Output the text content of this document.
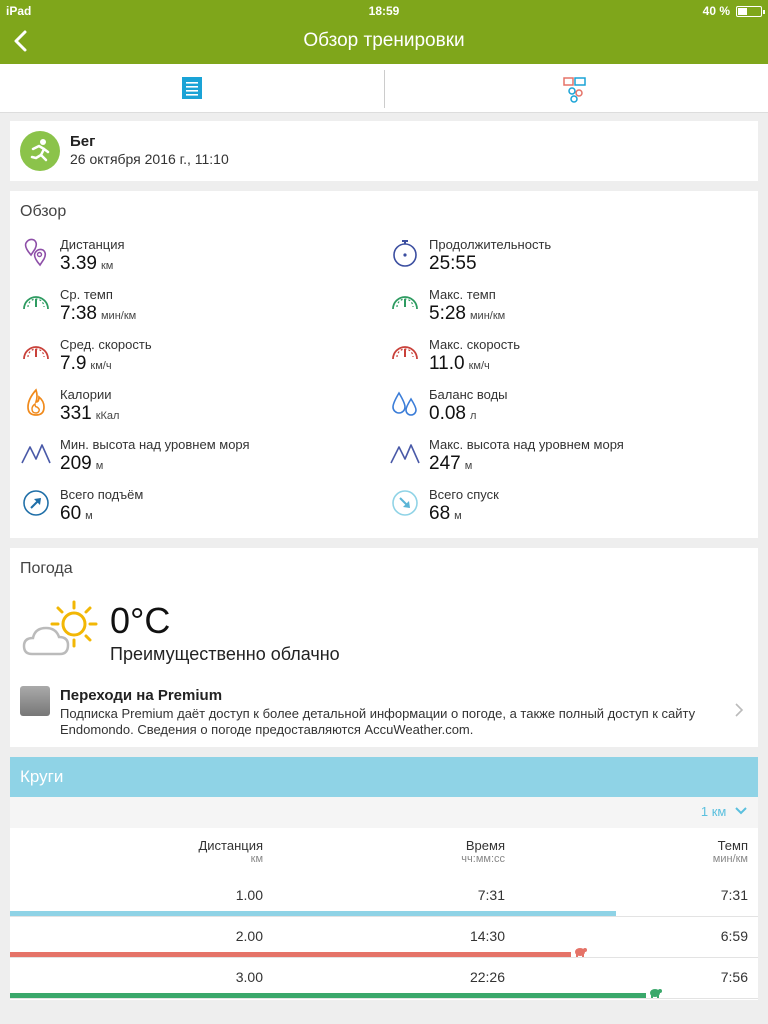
iPad	18:59	40 %
Обзор тренировки
Бег
26 октября 2016 г., 11:10
Обзор
Дистанция
3.39 км
Продолжительность
25:55
Ср. темп
7:38 мин/км
Макс. темп
5:28 мин/км
Сред. скорость
7.9 км/ч
Макс. скорость
11.0 км/ч
Калории
331 кКал
Баланс воды
0.08 л
Мин. высота над уровнем моря
209 м
Макс. высота над уровнем моря
247 м
Всего подъём
60 м
Всего спуск
68 м
Погода
0°C
Преимущественно облачно
Переходи на Premium
Подписка Premium даёт доступ к более детальной информации о погоде, а также полный доступ к сайту Endomondo. Сведения о погоде предоставляются AccuWeather.com.
Круги
1 км
Дистанция
км
Время
чч:мм:сс
Темп
мин/км
1.00	7:31	7:31
2.00	14:30	6:59
3.00	22:26	7:56
